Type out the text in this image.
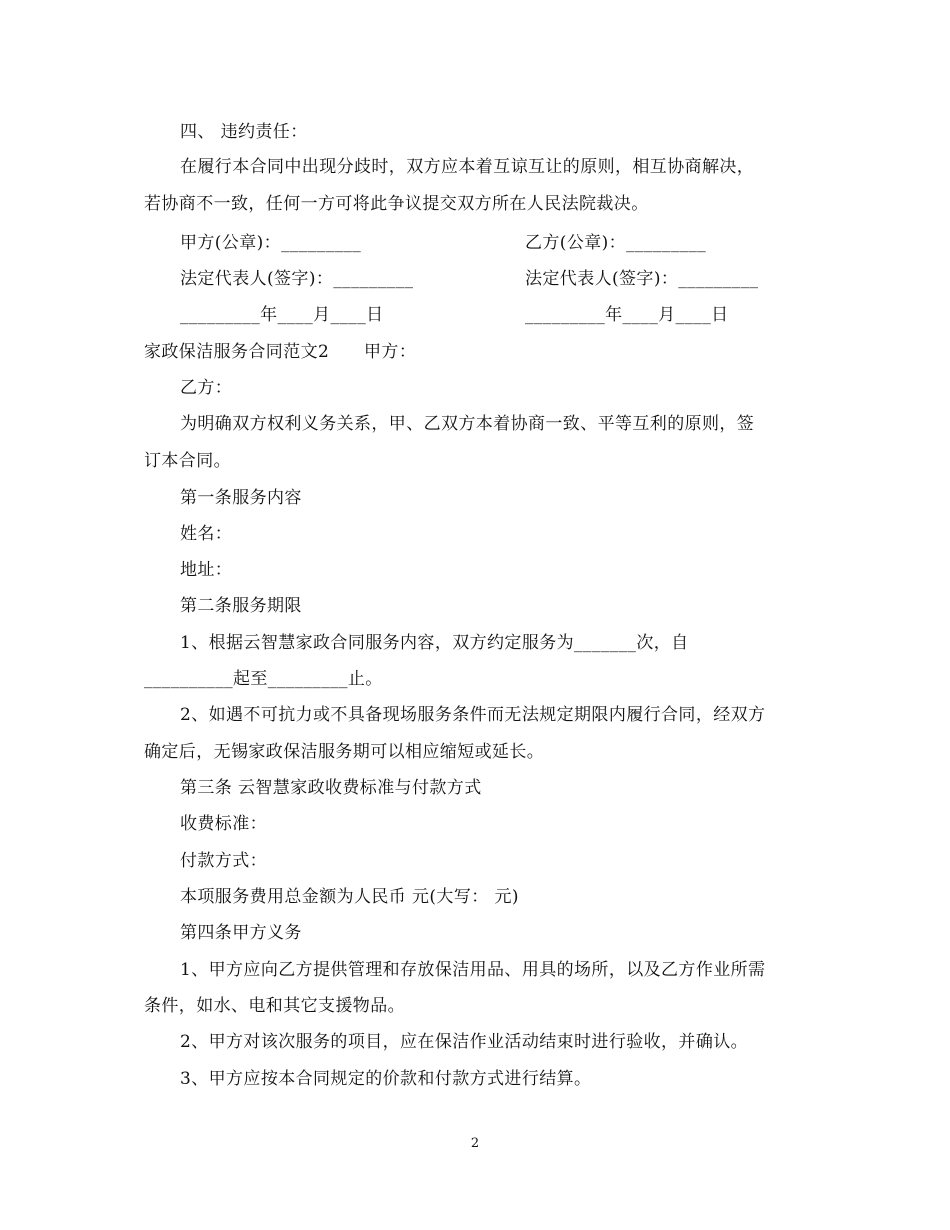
四、 违约责任：
在履行本合同中出现分歧时，双方应本着互谅互让的原则，相互协商解决，
若协商不一致，任何一方可将此争议提交双方所在人民法院裁决。
甲方(公章)：_________	乙方(公章)：_________
法定代表人(签字)：_________	法定代表人(签字)：_________
_________年____月____日	_________年____月____日
家政保洁服务合同范文2　　甲方：
乙方：
为明确双方权利义务关系，甲、乙双方本着协商一致、平等互利的原则，签
订本合同。
第一条服务内容
姓名：
地址：
第二条服务期限
1、根据云智慧家政合同服务内容，双方约定服务为_______次，自
__________起至_________止。
2、如遇不可抗力或不具备现场服务条件而无法规定期限内履行合同，经双方
确定后，无锡家政保洁服务期可以相应缩短或延长。
第三条 云智慧家政收费标准与付款方式
收费标准：
付款方式：
本项服务费用总金额为人民币 元(大写： 元)
第四条甲方义务
1、甲方应向乙方提供管理和存放保洁用品、用具的场所，以及乙方作业所需
条件，如水、电和其它支援物品。
2、甲方对该次服务的项目，应在保洁作业活动结束时进行验收，并确认。
3、甲方应按本合同规定的价款和付款方式进行结算。
2
